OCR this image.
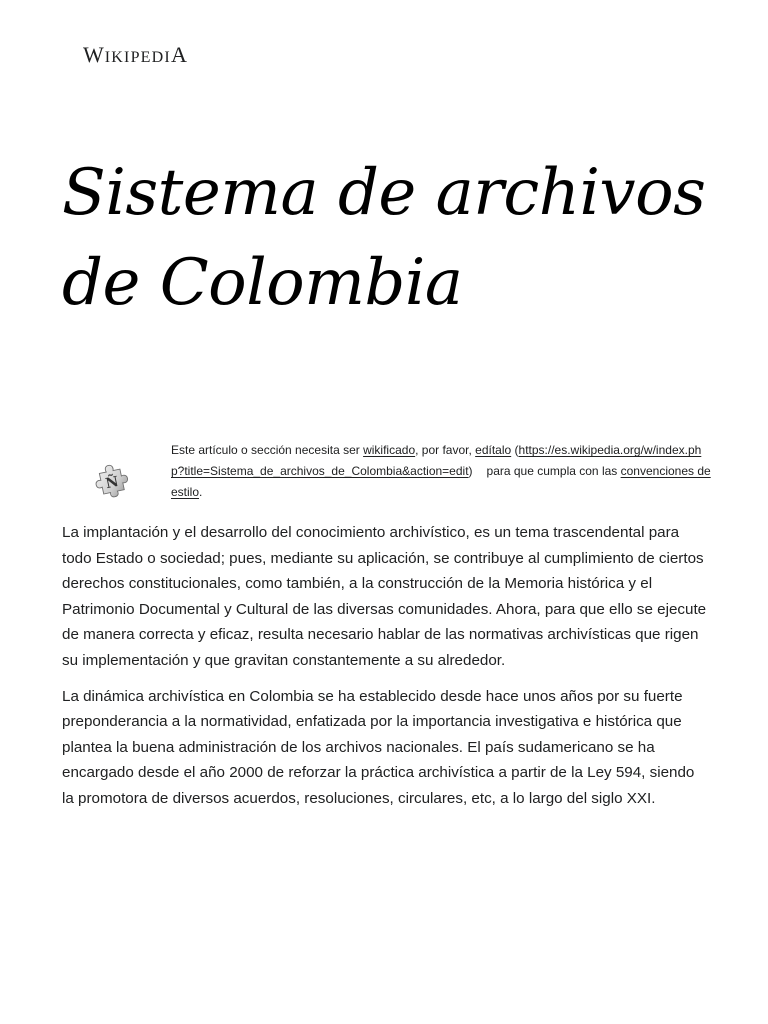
WIKIPEDIA
Sistema de archivos de Colombia
Ñ
Este artículo o sección necesita ser wikificado, por favor, edítalo (https://es.wikipedia.org/w/index.php?title=Sistema_de_archivos_de_Colombia&action=edit) para que cumpla con las convenciones de estilo.

La implantación y el desarrollo del conocimiento archivístico, es un tema trascendental para todo Estado o sociedad; pues, mediante su aplicación, se contribuye al cumplimiento de ciertos derechos constitucionales, como también, a la construcción de la Memoria histórica y el Patrimonio Documental y Cultural de las diversas comunidades. Ahora, para que ello se ejecute de manera correcta y eficaz, resulta necesario hablar de las normativas archivísticas que rigen su implementación y que gravitan constantemente a su alrededor.

La dinámica archivística en Colombia se ha establecido desde hace unos años por su fuerte preponderancia a la normatividad, enfatizada por la importancia investigativa e histórica que plantea la buena administración de los archivos nacionales. El país sudamericano se ha encargado desde el año 2000 de reforzar la práctica archivística a partir de la Ley 594, siendo la promotora de diversos acuerdos, resoluciones, circulares, etc, a lo largo del siglo XXI.
